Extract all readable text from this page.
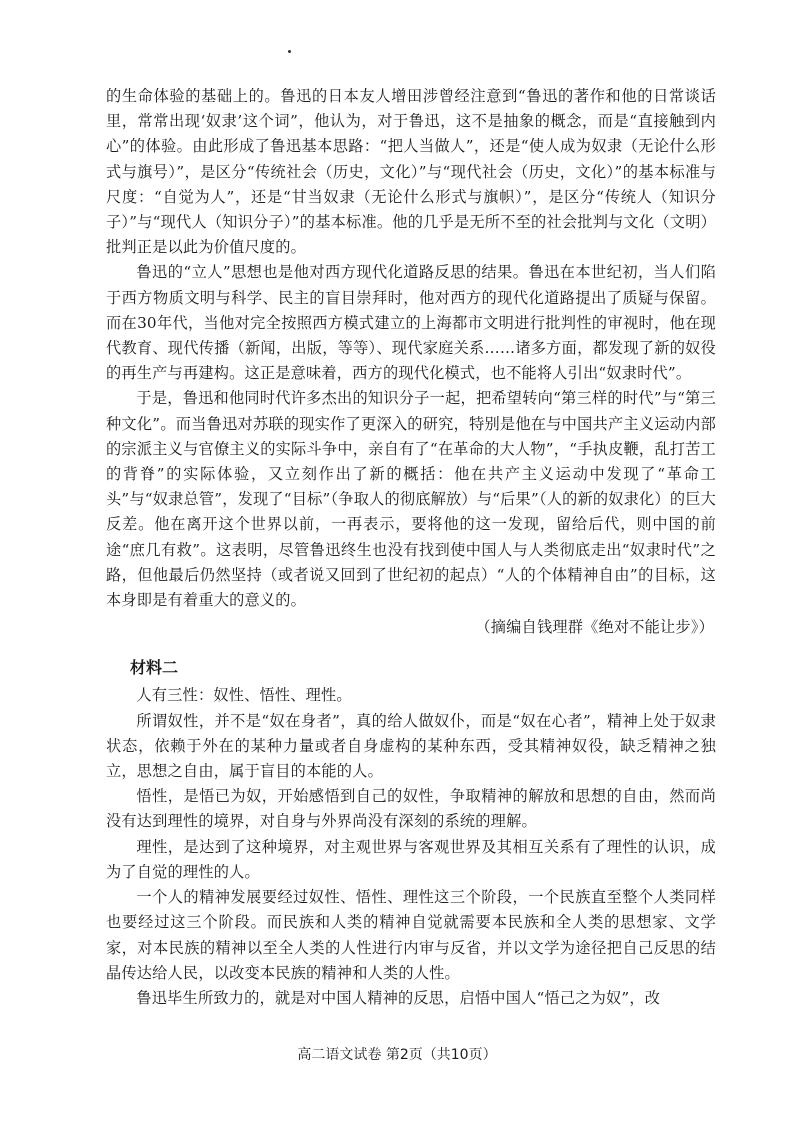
的生命体验的基础上的。鲁迅的日本友人增田涉曾经注意到“鲁迅的著作和他的日常谈话里，常常出现‘奴隶’这个词”，他认为，对于鲁迅，这不是抽象的概念，而是“直接触到内心”的体验。由此形成了鲁迅基本思路：“把人当做人”，还是“使人成为奴隶（无论什么形式与旗号）”，是区分“传统社会（历史，文化）”与“现代社会（历史，文化）”的基本标准与尺度：“自觉为人”，还是“甘当奴隶（无论什么形式与旗帜）”，是区分“传统人（知识分子）”与“现代人（知识分子）”的基本标准。他的几乎是无所不至的社会批判与文化（文明）批判正是以此为价值尺度的。

鲁迅的“立人”思想也是他对西方现代化道路反思的结果。鲁迅在本世纪初，当人们陷于西方物质文明与科学、民主的盲目崇拜时，他对西方的现代化道路提出了质疑与保留。而在30年代，当他对完全按照西方模式建立的上海都市文明进行批判性的审视时，他在现代教育、现代传播（新闻，出版，等等）、现代家庭关系……诸多方面，都发现了新的奴役的再生产与再建构。这正是意味着，西方的现代化模式，也不能将人引出“奴隶时代”。

于是，鲁迅和他同时代许多杰出的知识分子一起，把希望转向“第三样的时代”与“第三种文化”。而当鲁迅对苏联的现实作了更深入的研究，特别是他在与中国共产主义运动内部的宗派主义与官僚主义的实际斗争中，亲自有了“在革命的大人物”，“手执皮鞭，乱打苦工的背脊”的实际体验，又立刻作出了新的概括：他在共产主义运动中发现了“革命工头”与“奴隶总管”，发现了“目标”（争取人的彻底解放）与“后果”（人的新的奴隶化）的巨大反差。他在离开这个世界以前，一再表示，要将他的这一发现，留给后代，则中国的前途“庶几有救”。这表明，尽管鲁迅终生也没有找到使中国人与人类彻底走出“奴隶时代”之路，但他最后仍然坚持（或者说又回到了世纪初的起点）“人的个体精神自由”的目标，这本身即是有着重大的意义的。

（摘编自钱理群《绝对不能让步》）

材料二

人有三性：奴性、悟性、理性。

所谓奴性，并不是“奴在身者”，真的给人做奴仆，而是“奴在心者”，精神上处于奴隶状态，依赖于外在的某种力量或者自身虚构的某种东西，受其精神奴役，缺乏精神之独立，思想之自由，属于盲目的本能的人。

悟性，是悟已为奴，开始感悟到自己的奴性，争取精神的解放和思想的自由，然而尚没有达到理性的境界，对自身与外界尚没有深刻的系统的理解。

理性，是达到了这种境界，对主观世界与客观世界及其相互关系有了理性的认识，成为了自觉的理性的人。

一个人的精神发展要经过奴性、悟性、理性这三个阶段，一个民族直至整个人类同样也要经过这三个阶段。而民族和人类的精神自觉就需要本民族和全人类的思想家、文学家，对本民族的精神以至全人类的人性进行内审与反省，并以文学为途径把自己反思的结晶传达给人民，以改变本民族的精神和人类的人性。

鲁迅毕生所致力的，就是对中国人精神的反思，启悟中国人“悟己之为奴”，改

高二语文试卷 第2页（共10页）
